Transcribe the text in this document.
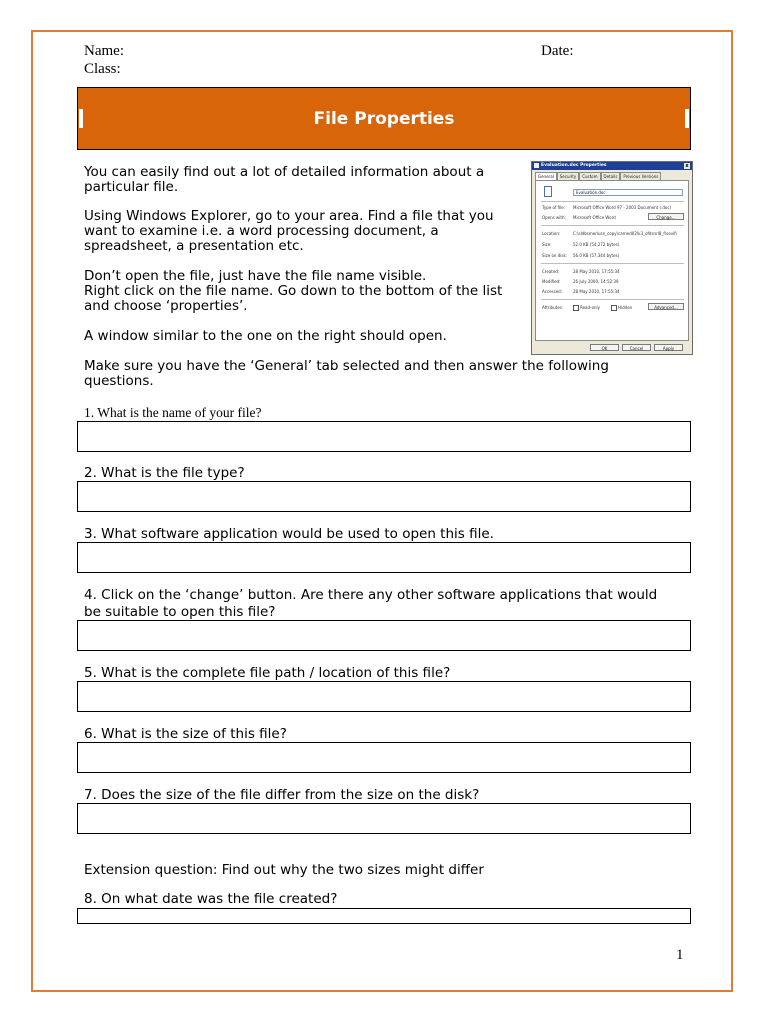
Name:	Date:
Class:
File Properties
You can easily find out a lot of detailed information about a
particular file.
Using Windows Explorer, go to your area. Find a file that you
want to examine i.e. a word processing document, a
spreadsheet, a presentation etc.
Don’t open the file, just have the file name visible.
Right click on the file name. Go down to the bottom of the list
and choose ‘properties’.
A window similar to the one on the right should open.
Make sure you have the ‘General’ tab selected and then answer the following
questions.
Evaluation.doc Properties	x
General	Security	Custom	Details	Previous Versions
Evaluation.doc
Type of file: Microsoft Office Word 97 - 2003 Document (.doc)
Opens with: Microsoft Office Word	Change...
Location:	C:\sldbsmerlusn_copy\carned02\k3_ofdsnrl8_f\sevif\
Size:	52.0 KB (54,272 bytes)
Size on disk: 56.0 KB (57,344 bytes)
Created:	28 May 2010, 17:55:34
Modified:	26 July 2000, 14:52:39
Accessed:	28 May 2010, 17:55:34
Attributes:	Read-only	Hidden	Advanced...
OK	Cancel	Apply
1. What is the name of your file?
2. What is the file type?
3. What software application would be used to open this file.
4. Click on the ‘change’ button. Are there any other software applications that would
be suitable to open this file?
5. What is the complete file path / location of this file?
6. What is the size of this file?
7. Does the size of the file differ from the size on the disk?
Extension question: Find out why the two sizes might differ
8. On what date was the file created?
1
